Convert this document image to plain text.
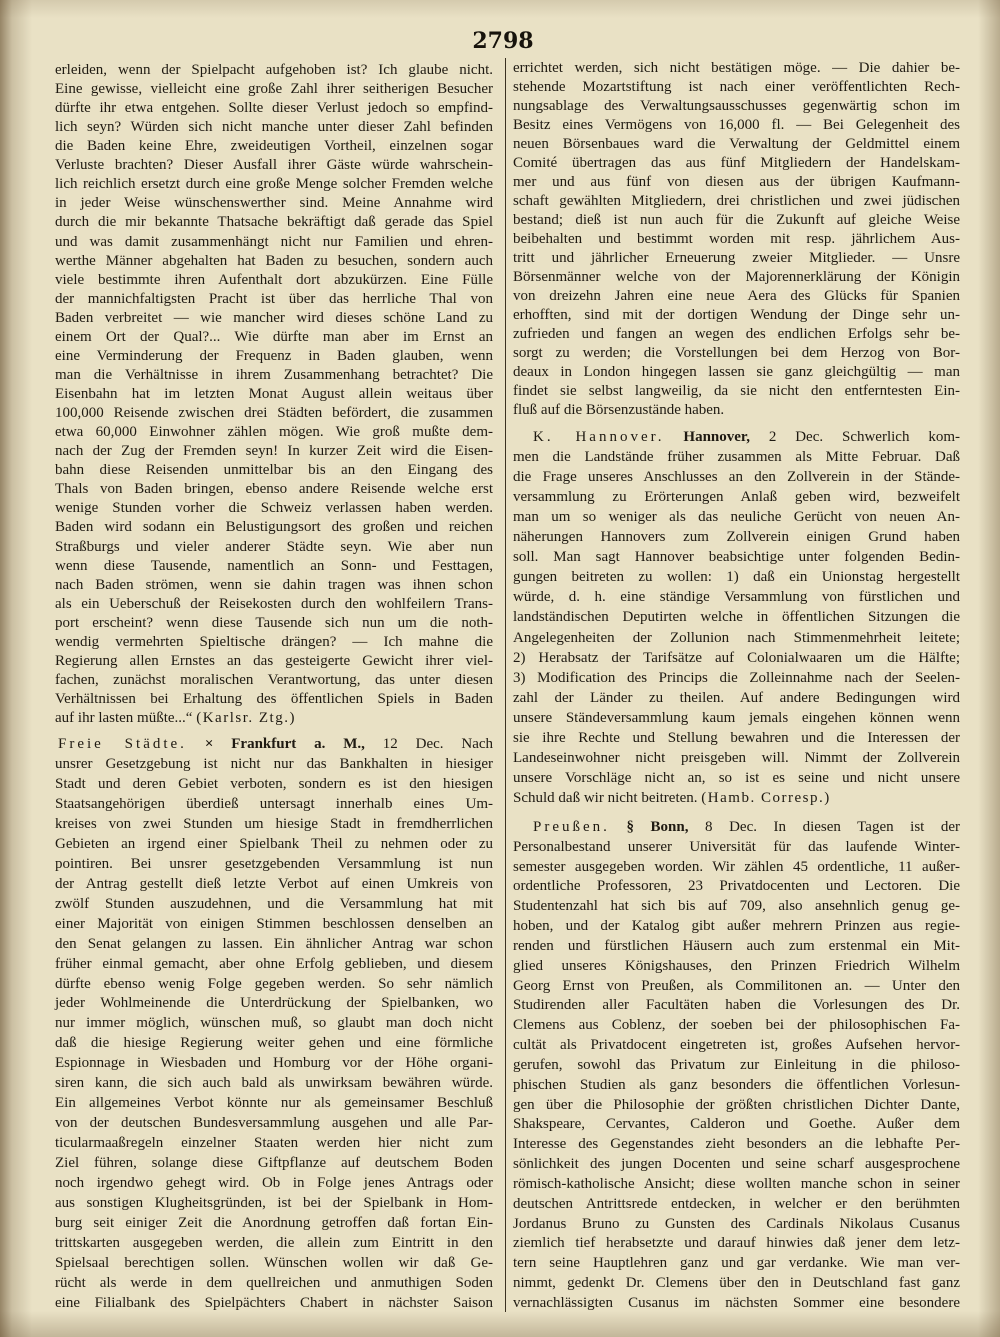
2798
erleiden, wenn der Spielpacht aufgehoben ist? Ich glaube nicht.
Eine gewisse, vielleicht eine große Zahl ihrer seitherigen Besucher
dürfte ihr etwa entgehen. Sollte dieser Verlust jedoch so empfind-
lich seyn? Würden sich nicht manche unter dieser Zahl befinden
die Baden keine Ehre, zweideutigen Vortheil, einzelnen sogar
Verluste brachten? Dieser Ausfall ihrer Gäste würde wahrschein-
lich reichlich ersetzt durch eine große Menge solcher Fremden welche
in jeder Weise wünschenswerther sind. Meine Annahme wird
durch die mir bekannte Thatsache bekräftigt daß gerade das Spiel
und was damit zusammenhängt nicht nur Familien und ehren-
werthe Männer abgehalten hat Baden zu besuchen, sondern auch
viele bestimmte ihren Aufenthalt dort abzukürzen. Eine Fülle
der mannichfaltigsten Pracht ist über das herrliche Thal von
Baden verbreitet — wie mancher wird dieses schöne Land zu
einem Ort der Qual?... Wie dürfte man aber im Ernst an
eine Verminderung der Frequenz in Baden glauben, wenn
man die Verhältnisse in ihrem Zusammenhang betrachtet? Die
Eisenbahn hat im letzten Monat August allein weitaus über
100,000 Reisende zwischen drei Städten befördert, die zusammen
etwa 60,000 Einwohner zählen mögen. Wie groß mußte dem-
nach der Zug der Fremden seyn! In kurzer Zeit wird die Eisen-
bahn diese Reisenden unmittelbar bis an den Eingang des
Thals von Baden bringen, ebenso andere Reisende welche erst
wenige Stunden vorher die Schweiz verlassen haben werden.
Baden wird sodann ein Belustigungsort des großen und reichen
Straßburgs und vieler anderer Städte seyn. Wie aber nun
wenn diese Tausende, namentlich an Sonn- und Festtagen,
nach Baden strömen, wenn sie dahin tragen was ihnen schon
als ein Ueberschuß der Reisekosten durch den wohlfeilern Trans-
port erscheint? wenn diese Tausende sich nun um die noth-
wendig vermehrten Spieltische drängen? — Ich mahne die
Regierung allen Ernstes an das gesteigerte Gewicht ihrer viel-
fachen, zunächst moralischen Verantwortung, das unter diesen
Verhältnissen bei Erhaltung des öffentlichen Spiels in Baden
auf ihr lasten müßte...“ (Karlsr. Ztg.)
Freie Städte. × Frankfurt a. M., 12 Dec. Nach
unsrer Gesetzgebung ist nicht nur das Bankhalten in hiesiger
Stadt und deren Gebiet verboten, sondern es ist den hiesigen
Staatsangehörigen überdieß untersagt innerhalb eines Um-
kreises von zwei Stunden um hiesige Stadt in fremdherrlichen
Gebieten an irgend einer Spielbank Theil zu nehmen oder zu
pointiren. Bei unsrer gesetzgebenden Versammlung ist nun
der Antrag gestellt dieß letzte Verbot auf einen Umkreis von
zwölf Stunden auszudehnen, und die Versammlung hat mit
einer Majorität von einigen Stimmen beschlossen denselben an
den Senat gelangen zu lassen. Ein ähnlicher Antrag war schon
früher einmal gemacht, aber ohne Erfolg geblieben, und diesem
dürfte ebenso wenig Folge gegeben werden. So sehr nämlich
jeder Wohlmeinende die Unterdrückung der Spielbanken, wo
nur immer möglich, wünschen muß, so glaubt man doch nicht
daß die hiesige Regierung weiter gehen und eine förmliche
Espionnage in Wiesbaden und Homburg vor der Höhe organi-
siren kann, die sich auch bald als unwirksam bewähren würde.
Ein allgemeines Verbot könnte nur als gemeinsamer Beschluß
von der deutschen Bundesversammlung ausgehen und alle Par-
ticularmaaßregeln einzelner Staaten werden hier nicht zum
Ziel führen, solange diese Giftpflanze auf deutschem Boden
noch irgendwo gehegt wird. Ob in Folge jenes Antrags oder
aus sonstigen Klugheitsgründen, ist bei der Spielbank in Hom-
burg seit einiger Zeit die Anordnung getroffen daß fortan Ein-
trittskarten ausgegeben werden, die allein zum Eintritt in den
Spielsaal berechtigen sollen. Wünschen wollen wir daß Ge-
rücht als werde in dem quellreichen und anmuthigen Soden
eine Filialbank des Spielpächters Chabert in nächster Saison
errichtet werden, sich nicht bestätigen möge. — Die dahier be-
stehende Mozartstiftung ist nach einer veröffentlichten Rech-
nungsablage des Verwaltungsausschusses gegenwärtig schon im
Besitz eines Vermögens von 16,000 fl. — Bei Gelegenheit des
neuen Börsenbaues ward die Verwaltung der Geldmittel einem
Comité übertragen das aus fünf Mitgliedern der Handelskam-
mer und aus fünf von diesen aus der übrigen Kaufmann-
schaft gewählten Mitgliedern, drei christlichen und zwei jüdischen
bestand; dieß ist nun auch für die Zukunft auf gleiche Weise
beibehalten und bestimmt worden mit resp. jährlichem Aus-
tritt und jährlicher Erneuerung zweier Mitglieder. — Unsre
Börsenmänner welche von der Majorennerklärung der Königin
von dreizehn Jahren eine neue Aera des Glücks für Spanien
erhofften, sind mit der dortigen Wendung der Dinge sehr un-
zufrieden und fangen an wegen des endlichen Erfolgs sehr be-
sorgt zu werden; die Vorstellungen bei dem Herzog von Bor-
deaux in London hingegen lassen sie ganz gleichgültig — man
findet sie selbst langweilig, da sie nicht den entferntesten Ein-
fluß auf die Börsenzustände haben.
K. Hannover. Hannover, 2 Dec. Schwerlich kom-
men die Landstände früher zusammen als Mitte Februar. Daß
die Frage unseres Anschlusses an den Zollverein in der Stände-
versammlung zu Erörterungen Anlaß geben wird, bezweifelt
man um so weniger als das neuliche Gerücht von neuen An-
näherungen Hannovers zum Zollverein einigen Grund haben
soll. Man sagt Hannover beabsichtige unter folgenden Bedin-
gungen beitreten zu wollen: 1) daß ein Unionstag hergestellt
würde, d. h. eine ständige Versammlung von fürstlichen und
landständischen Deputirten welche in öffentlichen Sitzungen die
Angelegenheiten der Zollunion nach Stimmenmehrheit leitete;
2) Herabsatz der Tarifsätze auf Colonialwaaren um die Hälfte;
3) Modification des Princips die Zolleinnahme nach der Seelen-
zahl der Länder zu theilen. Auf andere Bedingungen wird
unsere Ständeversammlung kaum jemals eingehen können wenn
sie ihre Rechte und Stellung bewahren und die Interessen der
Landeseinwohner nicht preisgeben will. Nimmt der Zollverein
unsere Vorschläge nicht an, so ist es seine und nicht unsere
Schuld daß wir nicht beitreten. (Hamb. Corresp.)
Preußen. § Bonn, 8 Dec. In diesen Tagen ist der
Personalbestand unserer Universität für das laufende Winter-
semester ausgegeben worden. Wir zählen 45 ordentliche, 11 außer-
ordentliche Professoren, 23 Privatdocenten und Lectoren. Die
Studentenzahl hat sich bis auf 709, also ansehnlich genug ge-
hoben, und der Katalog gibt außer mehrern Prinzen aus regie-
renden und fürstlichen Häusern auch zum erstenmal ein Mit-
glied unseres Königshauses, den Prinzen Friedrich Wilhelm
Georg Ernst von Preußen, als Commilitonen an. — Unter den
Studirenden aller Facultäten haben die Vorlesungen des Dr.
Clemens aus Coblenz, der soeben bei der philosophischen Fa-
cultät als Privatdocent eingetreten ist, großes Aufsehen hervor-
gerufen, sowohl das Privatum zur Einleitung in die philoso-
phischen Studien als ganz besonders die öffentlichen Vorlesun-
gen über die Philosophie der größten christlichen Dichter Dante,
Shakspeare, Cervantes, Calderon und Goethe. Außer dem
Interesse des Gegenstandes zieht besonders an die lebhafte Per-
sönlichkeit des jungen Docenten und seine scharf ausgesprochene
römisch-katholische Ansicht; diese wollten manche schon in seiner
deutschen Antrittsrede entdecken, in welcher er den berühmten
Jordanus Bruno zu Gunsten des Cardinals Nikolaus Cusanus
ziemlich tief herabsetzte und darauf hinwies daß jener dem letz-
tern seine Hauptlehren ganz und gar verdanke. Wie man ver-
nimmt, gedenkt Dr. Clemens über den in Deutschland fast ganz
vernachlässigten Cusanus im nächsten Sommer eine besondere
